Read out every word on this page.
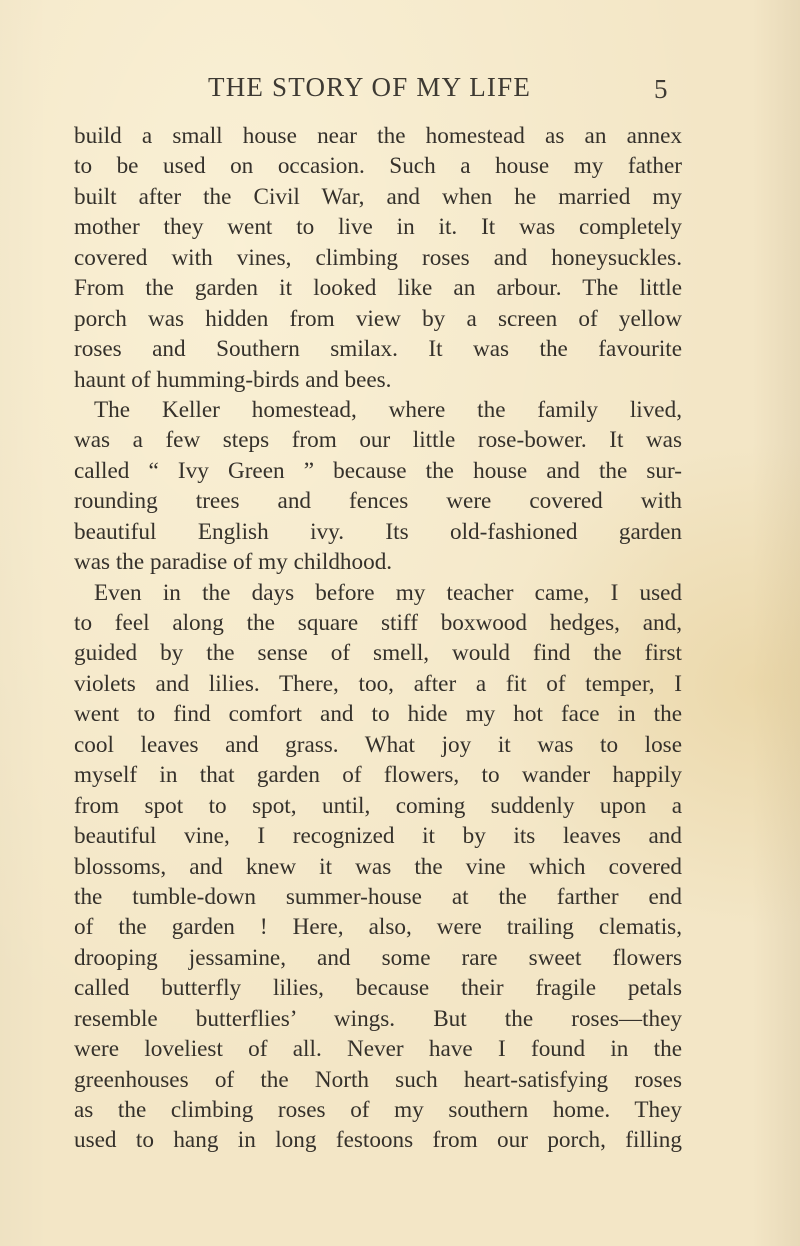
THE STORY OF MY LIFE	5
build a small house near the homestead as an annex
to be used on occasion. Such a house my father
built after the Civil War, and when he married my
mother they went to live in it. It was completely
covered with vines, climbing roses and honeysuckles.
From the garden it looked like an arbour. The little
porch was hidden from view by a screen of yellow
roses and Southern smilax. It was the favourite
haunt of humming-birds and bees.
The Keller homestead, where the family lived,
was a few steps from our little rose-bower. It was
called “ Ivy Green ” because the house and the sur-
rounding trees and fences were covered with
beautiful English ivy. Its old-fashioned garden
was the paradise of my childhood.
Even in the days before my teacher came, I used
to feel along the square stiff boxwood hedges, and,
guided by the sense of smell, would find the first
violets and lilies. There, too, after a fit of temper, I
went to find comfort and to hide my hot face in the
cool leaves and grass. What joy it was to lose
myself in that garden of flowers, to wander happily
from spot to spot, until, coming suddenly upon a
beautiful vine, I recognized it by its leaves and
blossoms, and knew it was the vine which covered
the tumble-down summer-house at the farther end
of the garden ! Here, also, were trailing clematis,
drooping jessamine, and some rare sweet flowers
called butterfly lilies, because their fragile petals
resemble butterflies’ wings. But the roses—they
were loveliest of all. Never have I found in the
greenhouses of the North such heart-satisfying roses
as the climbing roses of my southern home. They
used to hang in long festoons from our porch, filling
